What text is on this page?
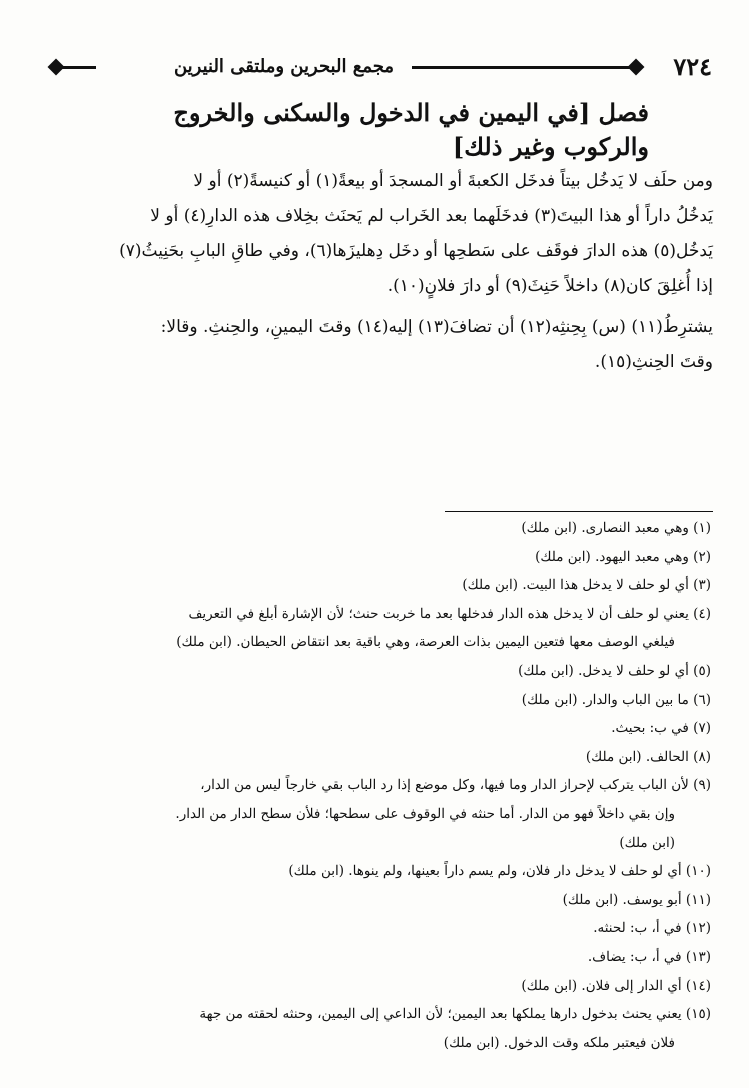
٧٢٤
مجمع البحرين وملتقى النيرين
فصل [في اليمين في الدخول والسكنى والخروج
والركوب وغير ذلك]
ومن حلَف لا يَدخُل بيتاً فدخَل الكعبةَ أو المسجدَ أو بيعةً(١) أو كنيسةً(٢) أو لا
يَدخُلُ داراً أو هذا البيتَ(٣) فدخَلَهما بعد الخَراب لم يَحنَث بخِلاف هذه الدارِ(٤) أو لا
يَدخُل(٥) هذه الدارَ فوقَف على سَطحِها أو دخَل دِهليزَها(٦)، وفي طاقِ البابِ بحَنِيثُ(٧)
إذا أُغلِقَ كان(٨) داخلاً حَنِثَ(٩) أو دارَ فلانٍ(١٠).
يشترِطُ(١١) (س) بِحِنثِه(١٢) أن تضافَ(١٣) إليه(١٤) وقتَ اليمينِ، والحِنثِ. وقالا:
وقتَ الحِنثِ(١٥).
(١) وهي معبد النصارى. (ابن ملك)
(٢) وهي معبد اليهود. (ابن ملك)
(٣) أي لو حلف لا يدخل هذا البيت. (ابن ملك)
(٤) يعني لو حلف أن لا يدخل هذه الدار فدخلها بعد ما خربت حنث؛ لأن الإشارة أبلغ في التعريف
فيلغي الوصف معها فتعين اليمين بذات العرصة، وهي باقية بعد انتقاض الحيطان. (ابن ملك)
(٥) أي لو حلف لا يدخل. (ابن ملك)
(٦) ما بين الباب والدار. (ابن ملك)
(٧) في ب: بحيث.
(٨) الحالف. (ابن ملك)
(٩) لأن الباب يتركب لإحراز الدار وما فيها، وكل موضع إذا رد الباب بقي خارجاً ليس من الدار،
وإن بقي داخلاً فهو من الدار. أما حنثه في الوقوف على سطحها؛ فلأن سطح الدار من الدار.
(ابن ملك)
(١٠) أي لو حلف لا يدخل دار فلان، ولم يسم داراً بعينها، ولم ينوها. (ابن ملك)
(١١) أبو يوسف. (ابن ملك)
(١٢) في أ، ب: لحنثه.
(١٣) في أ، ب: يضاف.
(١٤) أي الدار إلى فلان. (ابن ملك)
(١٥) يعني يحنث بدخول دارها يملكها بعد اليمين؛ لأن الداعي إلى اليمين، وحنثه لحقته من جهة
فلان فيعتبر ملكه وقت الدخول. (ابن ملك)
